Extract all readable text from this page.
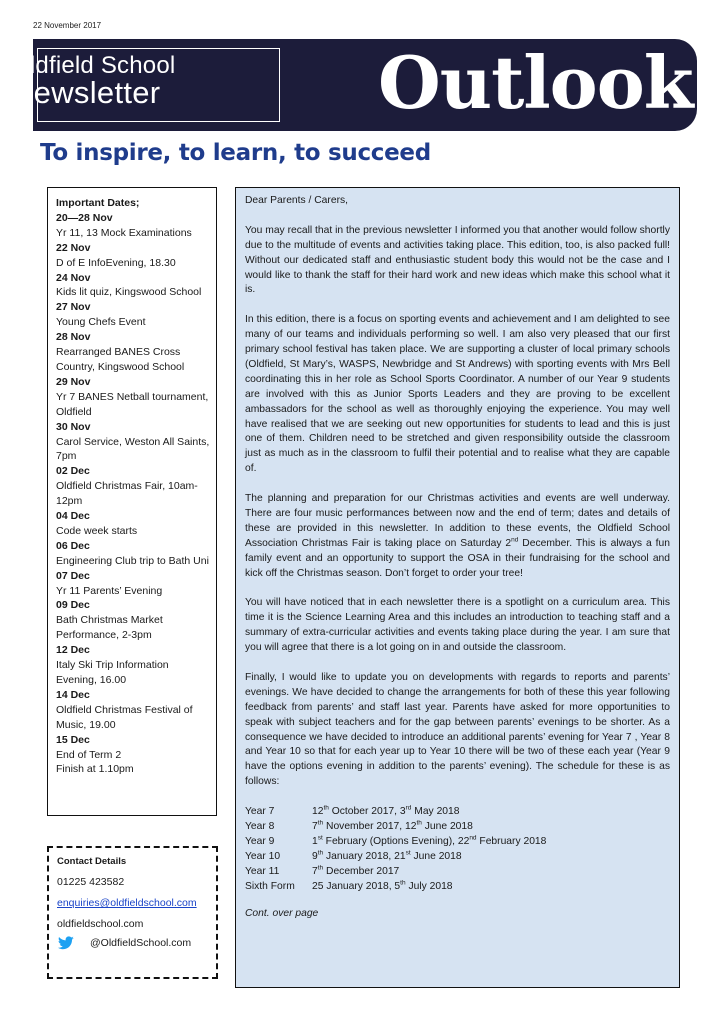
22 November 2017
Oldfield School
Newsletter	Outlook
To inspire, to learn, to succeed
Important Dates;
20—28 Nov
Yr 11, 13 Mock Examinations
22 Nov
D of E InfoEvening, 18.30
24 Nov
Kids lit quiz, Kingswood School
27 Nov
Young Chefs Event
28 Nov
Rearranged BANES Cross Country, Kingswood School
29 Nov
Yr 7 BANES Netball tournament, Oldfield
30 Nov
Carol Service, Weston All Saints, 7pm
02 Dec
Oldfield Christmas Fair, 10am-12pm
04 Dec
Code week starts
06 Dec
Engineering Club trip to Bath Uni
07 Dec
Yr 11 Parents’ Evening
09 Dec
Bath Christmas Market Performance, 2-3pm
12 Dec
Italy Ski Trip Information Evening, 16.00
14 Dec
Oldfield Christmas Festival of Music, 19.00
15 Dec
End of Term 2
Finish at 1.10pm
Contact Details
01225 423582
enquiries@oldfieldschool.com
oldfieldschool.com
@OldfieldSchool.com

Dear Parents / Carers,

You may recall that in the previous newsletter I informed you that another would follow shortly due to the multitude of events and activities taking place. This edition, too, is also packed full! Without our dedicated staff and enthusiastic student body this would not be the case and I would like to thank the staff for their hard work and new ideas which make this school what it is.

In this edition, there is a focus on sporting events and achievement and I am delighted to see many of our teams and individuals performing so well. I am also very pleased that our first primary school festival has taken place. We are supporting a cluster of local primary schools (Oldfield, St Mary’s, WASPS, Newbridge and St Andrews) with sporting events with Mrs Bell coordinating this in her role as School Sports Coordinator. A number of our Year 9 students are involved with this as Junior Sports Leaders and they are proving to be excellent ambassadors for the school as well as thoroughly enjoying the experience. You may well have realised that we are seeking out new opportunities for students to lead and this is just one of them. Children need to be stretched and given responsibility outside the classroom just as much as in the classroom to fulfil their potential and to realise what they are capable of.

The planning and preparation for our Christmas activities and events are well underway. There are four music performances between now and the end of term; dates and details of these are provided in this newsletter. In addition to these events, the Oldfield School Association Christmas Fair is taking place on Saturday 2nd December. This is always a fun family event and an opportunity to support the OSA in their fundraising for the school and kick off the Christmas season. Don’t forget to order your tree!

You will have noticed that in each newsletter there is a spotlight on a curriculum area. This time it is the Science Learning Area and this includes an introduction to teaching staff and a summary of extra-curricular activities and events taking place during the year. I am sure that you will agree that there is a lot going on in and outside the classroom.

Finally, I would like to update you on developments with regards to reports and parents’ evenings. We have decided to change the arrangements for both of these this year following feedback from parents’ and staff last year. Parents have asked for more opportunities to speak with subject teachers and for the gap between parents’ evenings to be shorter. As a consequence we have decided to introduce an additional parents’ evening for Year 7 , Year 8 and Year 10 so that for each year up to Year 10 there will be two of these each year (Year 9 have the options evening in addition to the parents’ evening). The schedule for these is as follows:

Year 7	12th October 2017, 3rd May 2018
Year 8	7th November 2017, 12th June 2018
Year 9	1st February (Options Evening), 22nd February 2018
Year 10	9th January 2018, 21st June 2018
Year 11	7th December 2017
Sixth Form	25 January 2018, 5th July 2018
Cont. over page
